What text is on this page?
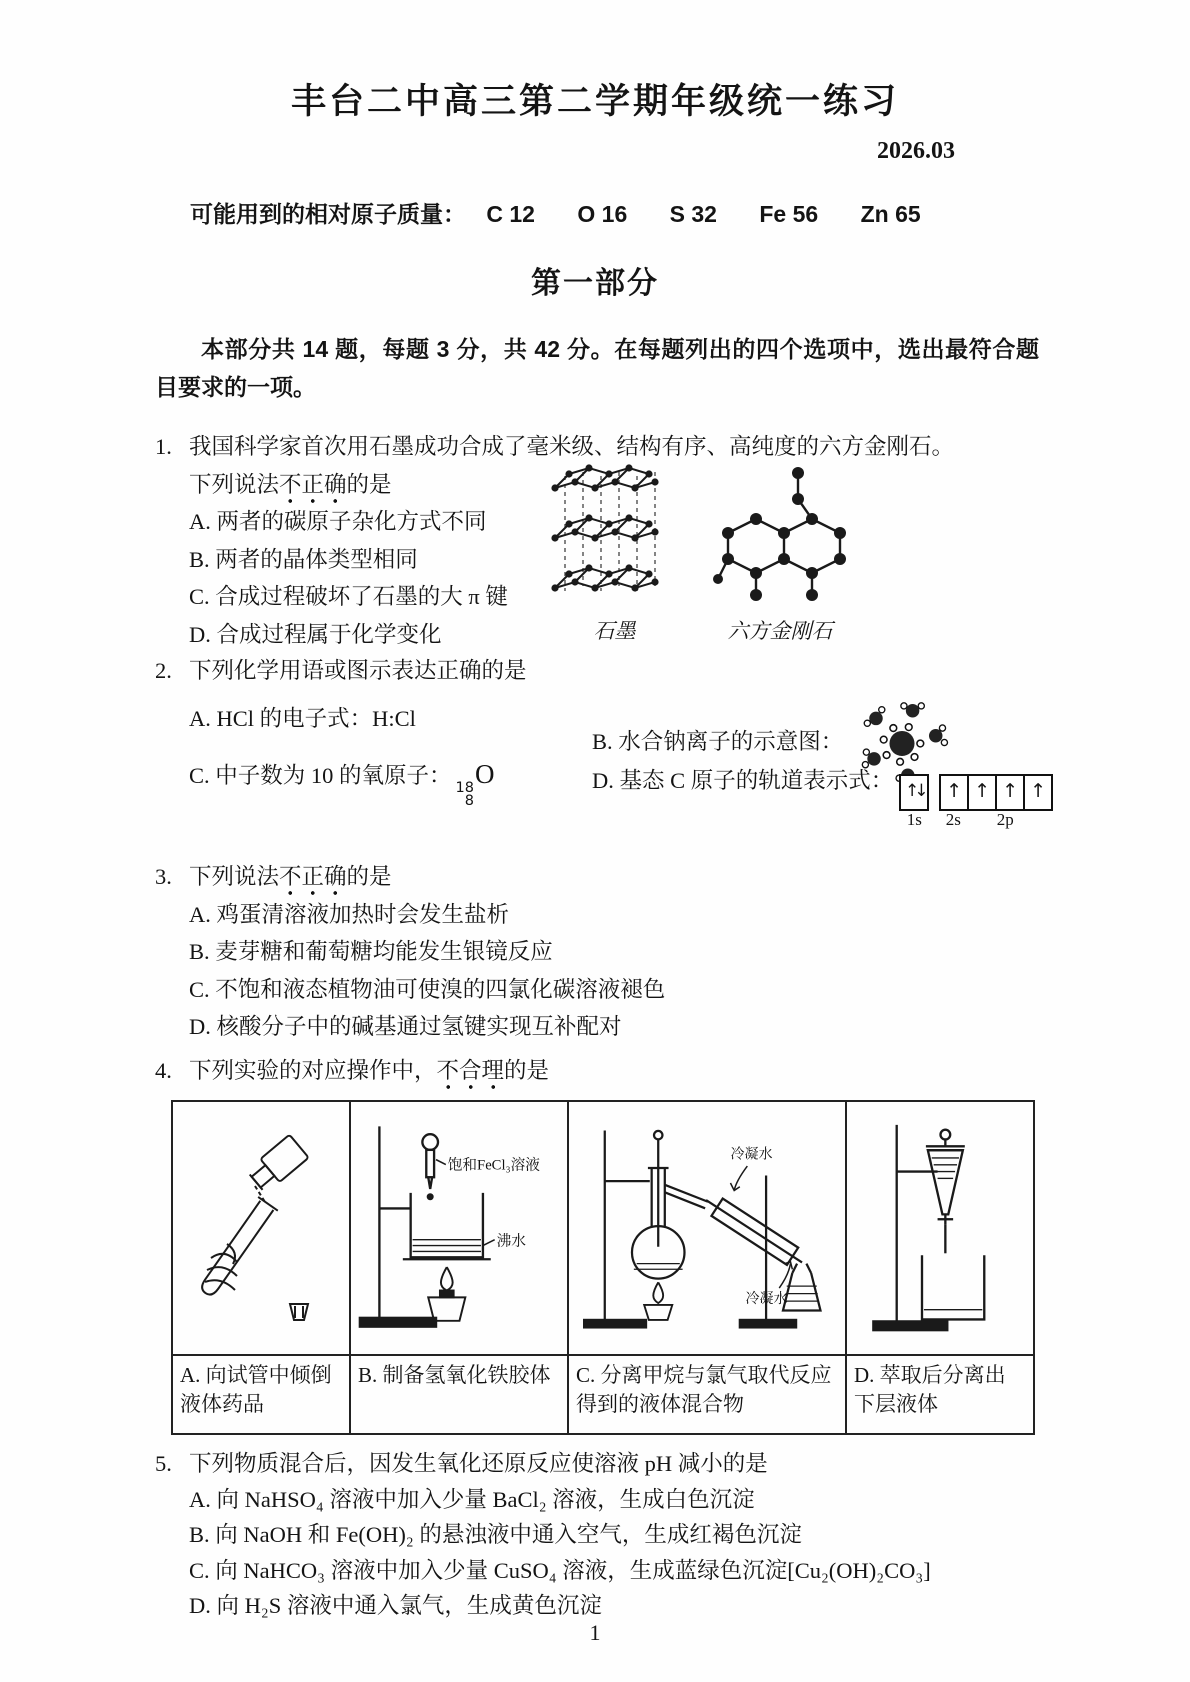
丰台二中高三第二学期年级统一练习
2026.03
可能用到的相对原子质量： C 12 O 16 S 32 Fe 56 Zn 65
第一部分
本部分共 14 题，每题 3 分，共 42 分。在每题列出的四个选项中，选出最符合题目要求的一项。
1. 我国科学家首次用石墨成功合成了毫米级、结构有序、高纯度的六方金刚石。下列说法不正确的是
A. 两者的碳原子杂化方式不同
B. 两者的晶体类型相同
C. 合成过程破坏了石墨的大 π 键
D. 合成过程属于化学变化	石墨	六方金刚石
2. 下列化学用语或图示表达正确的是
A. HCl 的电子式：H:Cl
B. 水合钠离子的示意图：
C. 中子数为 10 的氧原子： 18
8
O	D. 基态 C 原子的轨道表示式： ↑↓ ↑ ↑ ↑ ↑
1s	2s	2p
3. 下列说法不正确的是
A. 鸡蛋清溶液加热时会发生盐析
B. 麦芽糖和葡萄糖均能发生银镜反应
C. 不饱和液态植物油可使溴的四氯化碳溶液褪色
D. 核酸分子中的碱基通过氢键实现互补配对
4. 下列实验的对应操作中，不合理的是

饱和FeCl₃溶液
沸水	冷凝水
冷凝水

A. 向试管中倾倒液体药品	B. 制备氢氧化铁胶体	C. 分离甲烷与氯气取代反应得到的液体混合物	D. 萃取后分离出下层液体
5. 下列物质混合后，因发生氧化还原反应使溶液 pH 减小的是
A. 向 NaHSO₄ 溶液中加入少量 BaCl₂ 溶液，生成白色沉淀
B. 向 NaOH 和 Fe(OH)₂ 的悬浊液中通入空气，生成红褐色沉淀
C. 向 NaHCO₃ 溶液中加入少量 CuSO₄ 溶液，生成蓝绿色沉淀[Cu₂(OH)₂CO₃]
D. 向 H₂S 溶液中通入氯气，生成黄色沉淀
1
